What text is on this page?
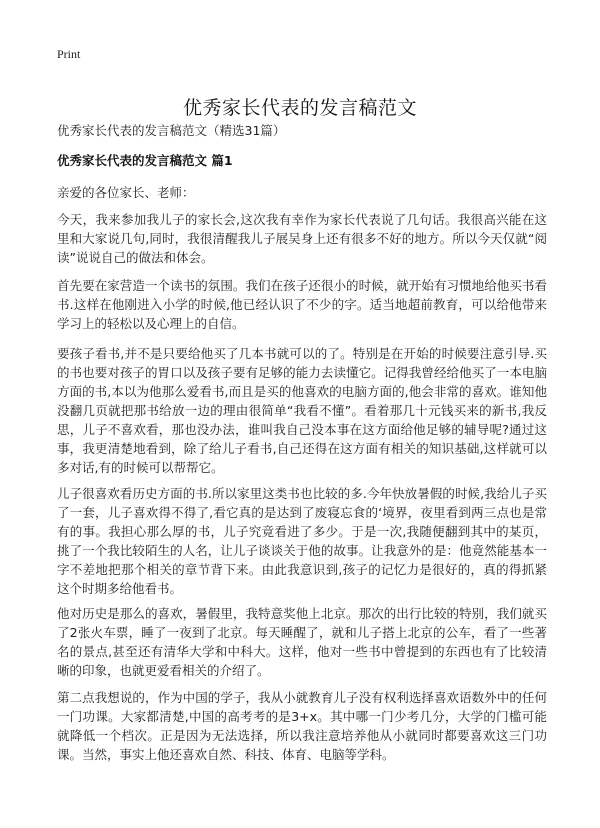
Print
优秀家长代表的发言稿范文
优秀家长代表的发言稿范文（精选31篇）
优秀家长代表的发言稿范文 篇1
亲爱的各位家长、老师：

今天，我来参加我儿子的家长会,这次我有幸作为家长代表说了几句话。我很高兴能在这里和大家说几句,同时，我很清醒我儿子展吴身上还有很多不好的地方。所以今天仅就“阅读”说说自己的做法和体会。

首先要在家营造一个读书的氛围。我们在孩子还很小的时候，就开始有习惯地给他买书看书.这样在他刚进入小学的时候,他已经认识了不少的字。适当地超前教育，可以给他带来学习上的轻松以及心理上的自信。

要孩子看书,并不是只要给他买了几本书就可以的了。特别是在开始的时候要注意引导.买的书也要对孩子的胃口以及孩子要有足够的能力去读懂它。记得我曾经给他买了一本电脑方面的书,本以为他那么爱看书,而且是买的他喜欢的电脑方面的,他会非常的喜欢。谁知他没翻几页就把那书给放一边的理由很简单“我看不懂”。看着那几十元钱买来的新书,我反思，儿子不喜欢看，那也没办法，谁叫我自己没本事在这方面给他足够的辅导呢?通过这事，我更清楚地看到，除了给儿子看书,自己还得在这方面有相关的知识基础,这样就可以多对话,有的时候可以帮帮它。

儿子很喜欢看历史方面的书.所以家里这类书也比较的多.今年快放暑假的时候,我给儿子买了一套，儿子喜欢得不得了,看它真的是达到了废寝忘食的‘境界，夜里看到两三点也是常有的事。我担心那么厚的书，儿子究竟看进了多少。于是一次,我随便翻到其中的某页，挑了一个我比较陌生的人名，让儿子谈谈关于他的故事。让我意外的是：他竟然能基本一字不差地把那个相关的章节背下来。由此我意识到,孩子的记忆力是很好的，真的得抓紧这个时期多给他看书。

他对历史是那么的喜欢，暑假里，我特意奖他上北京。那次的出行比较的特别，我们就买了2张火车票，睡了一夜到了北京。每天睡醒了，就和儿子搭上北京的公车，看了一些著名的景点,甚至还有清华大学和中科大。这样，他对一些书中曾提到的东西也有了比较清晰的印象，也就更爱看相关的介绍了。

第二点我想说的，作为中国的学子，我从小就教育儿子没有权利选择喜欢语数外中的任何一门功课。大家都清楚,中国的高考考的是3+x。其中哪一门少考几分，大学的门槛可能就降低一个档次。正是因为无法选择，所以我注意培养他从小就同时都要喜欢这三门功课。当然，事实上他还喜欢自然、科技、体育、电脑等学科。
